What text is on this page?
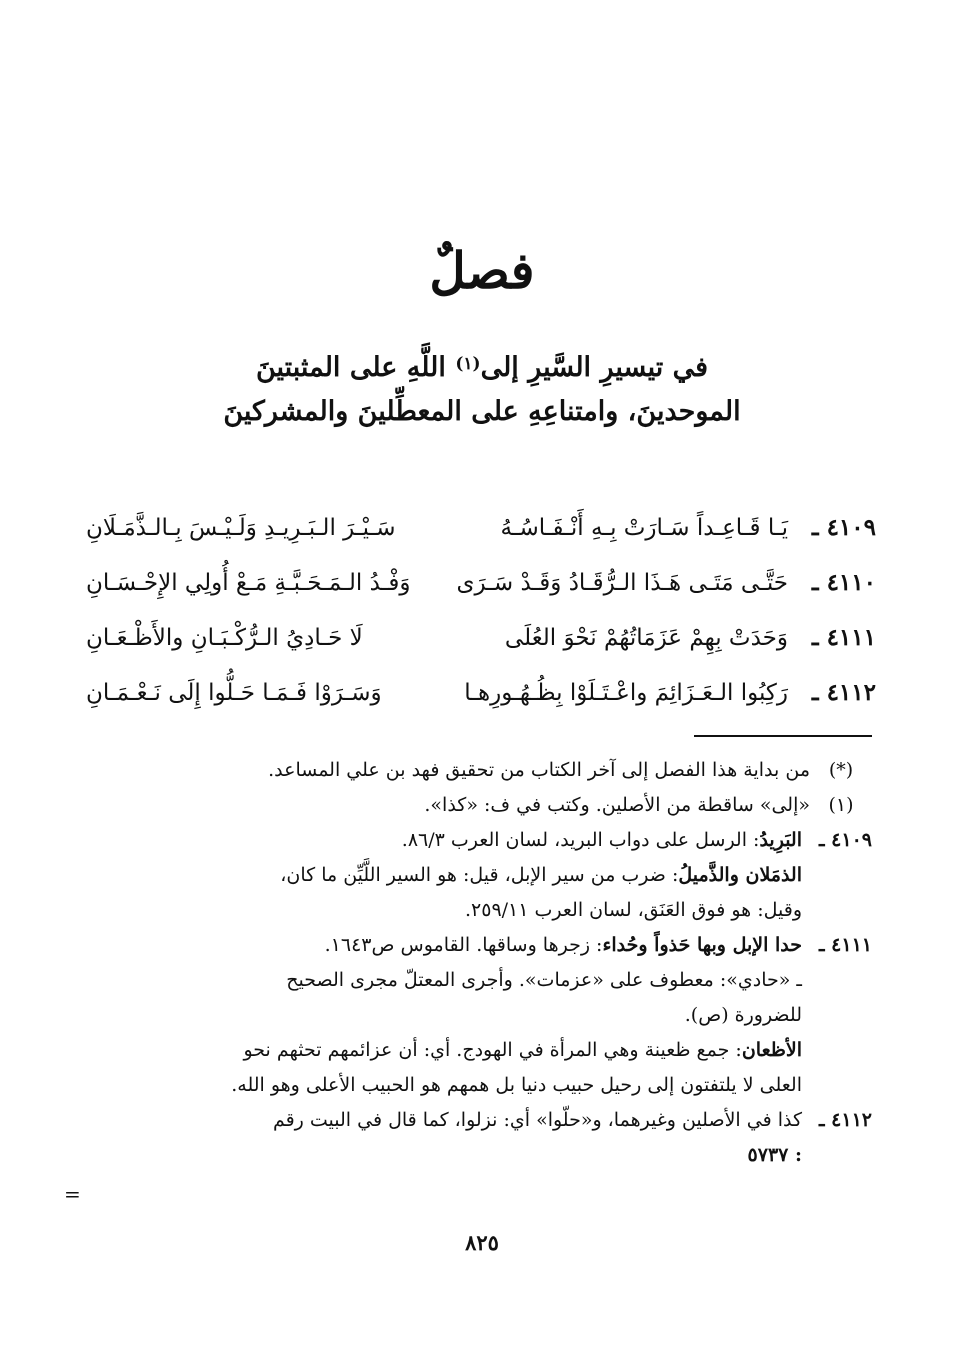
فصلٌ
في تيسيرِ السَّيرِ إلى$^{(١)}$ اللَّهِ على المثبتينَ
الموحدينَ، وامتناعِهِ على المعطِّلينَ والمشركينَ
٤١٠٩ ـ
يَـا قَـاعِـداً سَـارَتْ بِـهِ أَنْـفَـاسُـهُ
سَـيْـرَ الـبَـرِيـدِ وَلَـيْـسَ بِـالـذَّمَـلَانِ
٤١١٠ ـ
حَتَّـى مَتَـى هَـذَا الـرُّقَـادُ وَقَـدْ سَـرَى
وَفْـدُ الـمَـحَـبَّـةِ مَـعْ أُولِي الإِحْـسَـانِ
٤١١١ ـ
وَحَدَتْ بِهِمْ عَزَمَاتُهُمْ نَحْوَ العُلَى
لَا حَـادِيُ الـرُّكْـبَـانِ والأَظْـعَـانِ
٤١١٢ ـ
رَكِبُوا الـعَـزَائِمَ واعْـتَـلَوْا بِظُـهُـورِهـا
وَسَـرَوْا فَـمَـا حَـلُّوا إِلَى نَـعْـمَـانِ
(*)
من بداية هذا الفصل إلى آخر الكتاب من تحقيق فهد بن علي المساعد.
(١)
«إلى» ساقطة من الأصلين. وكتب في ف: «كذا».
٤١٠٩ ـ
البَرِيدُ: الرسل على دواب البريد، لسان العرب ٨٦/٣.
الذمَلان والذَّميلُ: ضرب من سير الإبل، قيل: هو السير اللَّيِّن ما كان،
وقيل: هو فوق العَنَق، لسان العرب ٢٥٩/١١.
٤١١١ ـ
حدا الإبل وبها حَذواً وحُداء: زجرها وساقها. القاموس ص١٦٤٣.
ـ «حادي»: معطوف على «عزمات». وأجرى المعتلّ مجرى الصحيح
للضرورة (ص).
الأظعان: جمع ظعينة وهي المرأة في الهودج. أي: أن عزائمهم تحثهم نحو
العلى لا يلتفتون إلى رحيل حبيب دنيا بل همهم هو الحبيب الأعلى وهو الله.
٤١١٢ ـ
كذا في الأصلين وغيرهما، و«حلّوا» أي: نزلوا، كما قال في البيت رقم
: ٥٧٣٧
=
٨٢٥
